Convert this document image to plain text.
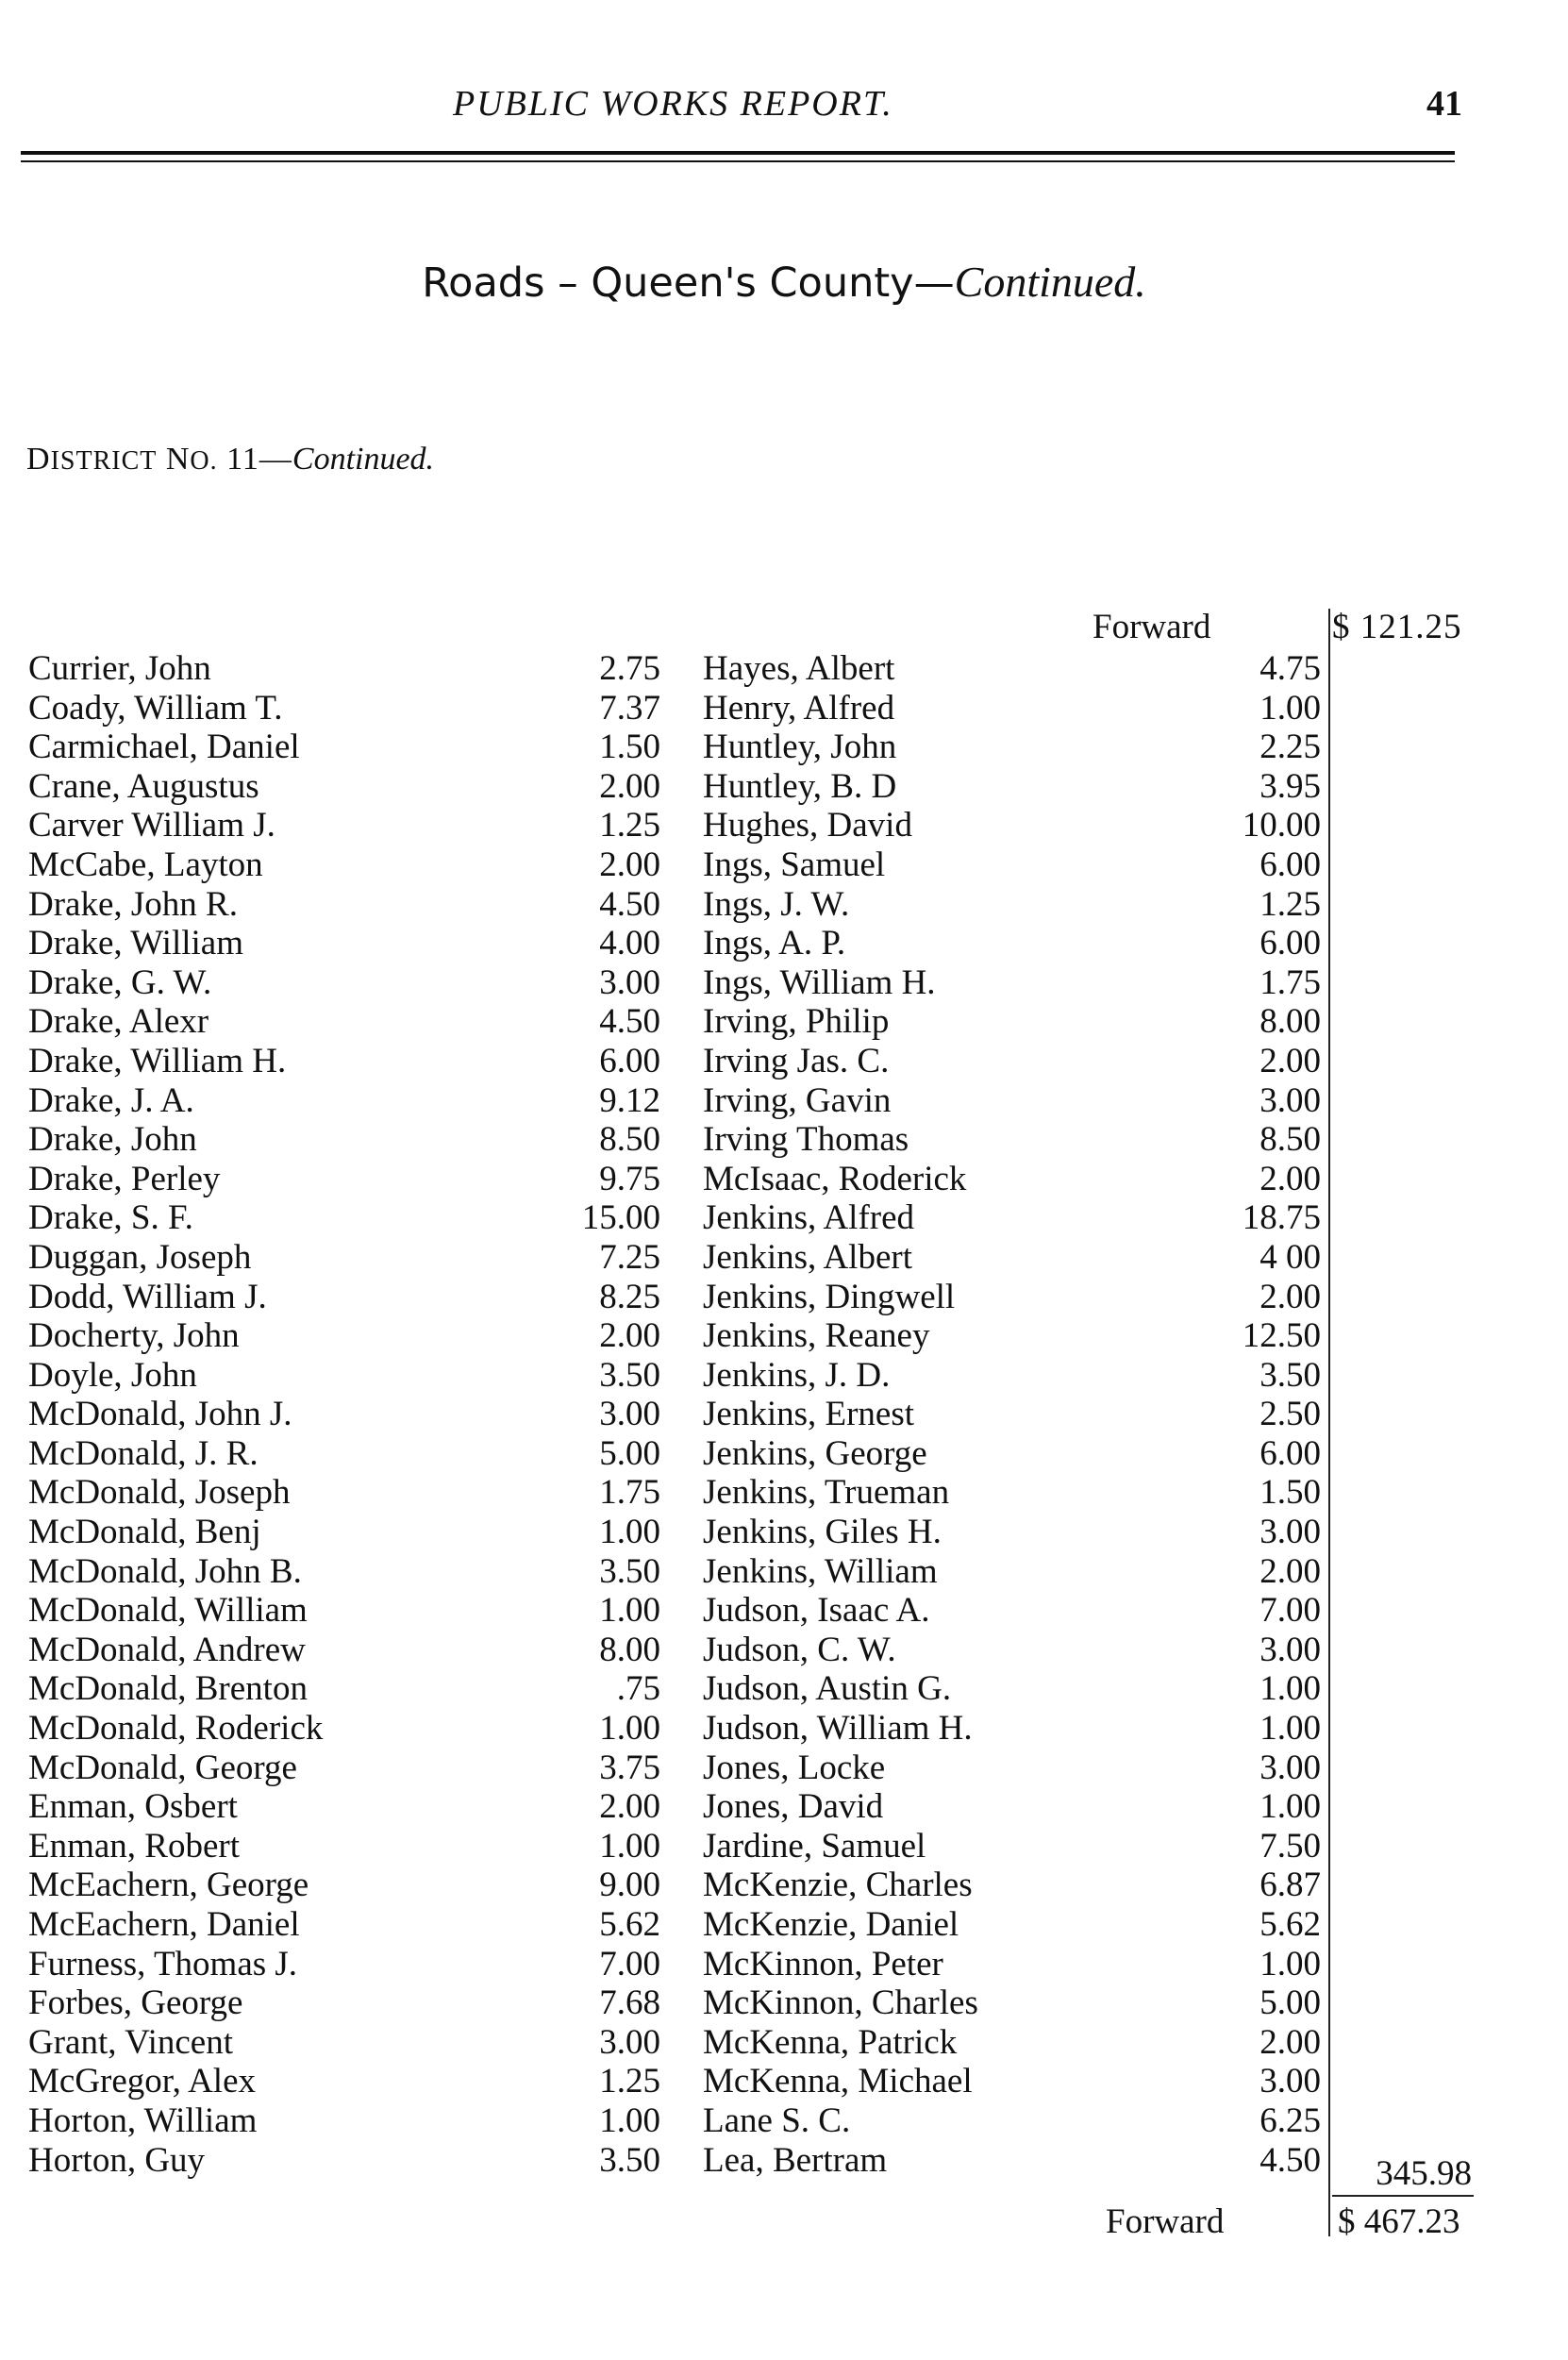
PUBLIC WORKS REPORT.	41
Roads – Queen's County—Continued.
DISTRICT NO. 11—Continued.
Forward	$ 121.25
Currier, John	2.75 Hayes, Albert	4.75
Coady, William T.	7.37 Henry, Alfred	1.00
Carmichael, Daniel	1.50 Huntley, John	2.25
Crane, Augustus	2.00 Huntley, B. D	3.95
Carver William J.	1.25 Hughes, David	10.00
McCabe, Layton	2.00 Ings, Samuel	6.00
Drake, John R.	4.50 Ings, J. W.	1.25
Drake, William	4.00 Ings, A. P.	6.00
Drake, G. W.	3.00 Ings, William H.	1.75
Drake, Alexr	4.50 Irving, Philip	8.00
Drake, William H.	6.00 Irving Jas. C.	2.00
Drake, J. A.	9.12 Irving, Gavin	3.00
Drake, John	8.50 Irving Thomas	8.50
Drake, Perley	9.75 McIsaac, Roderick	2.00
Drake, S. F.	15.00 Jenkins, Alfred	18.75
Duggan, Joseph	7.25 Jenkins, Albert	4 00
Dodd, William J.	8.25 Jenkins, Dingwell	2.00
Docherty, John	2.00 Jenkins, Reaney	12.50
Doyle, John	3.50 Jenkins, J. D.	3.50
McDonald, John J.	3.00 Jenkins, Ernest	2.50
McDonald, J. R.	5.00 Jenkins, George	6.00
McDonald, Joseph	1.75 Jenkins, Trueman	1.50
McDonald, Benj	1.00 Jenkins, Giles H.	3.00
McDonald, John B.	3.50 Jenkins, William	2.00
McDonald, William	1.00 Judson, Isaac A.	7.00
McDonald, Andrew	8.00 Judson, C. W.	3.00
McDonald, Brenton	.75 Judson, Austin G.	1.00
McDonald, Roderick	1.00 Judson, William H.	1.00
McDonald, George	3.75 Jones, Locke	3.00
Enman, Osbert	2.00 Jones, David	1.00
Enman, Robert	1.00 Jardine, Samuel	7.50
McEachern, George	9.00 McKenzie, Charles	6.87
McEachern, Daniel	5.62 McKenzie, Daniel	5.62
Furness, Thomas J.	7.00 McKinnon, Peter	1.00
Forbes, George	7.68 McKinnon, Charles	5.00
Grant, Vincent	3.00 McKenna, Patrick	2.00
McGregor, Alex	1.25 McKenna, Michael	3.00
Horton, William	1.00 Lane S. C.	6.25
Horton, Guy	3.50 Lea, Bertram	4.50	345.98
Forward	$ 467.23
